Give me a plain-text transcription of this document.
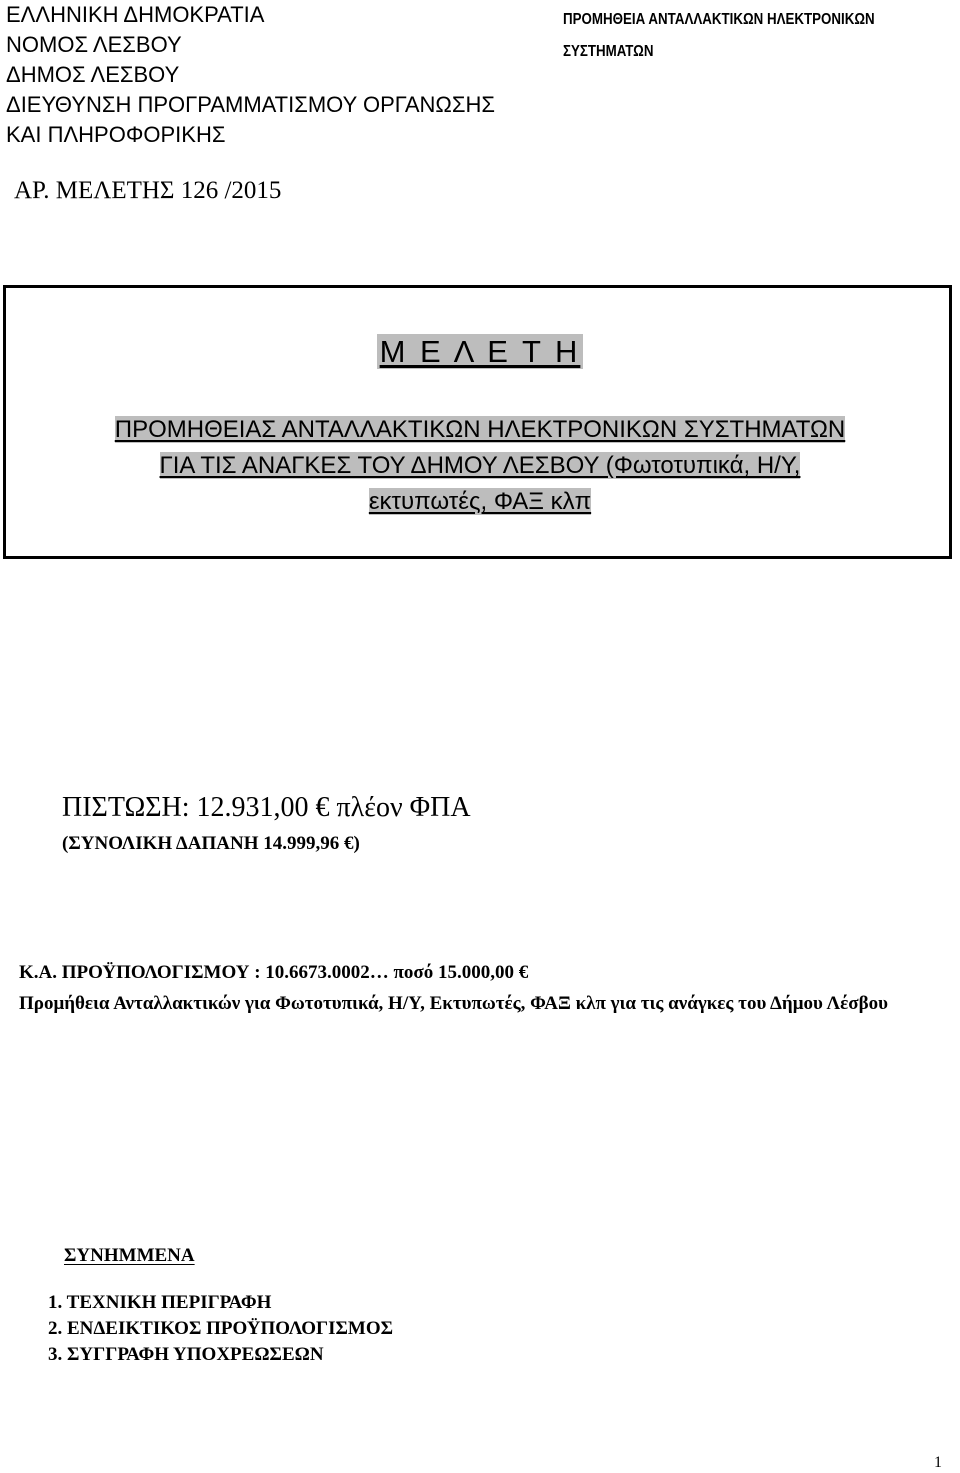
ΕΛΛΗΝΙΚΗ ΔΗΜΟΚΡΑΤΙΑ
ΝΟΜΟΣ ΛΕΣΒΟΥ
ΔΗΜΟΣ ΛΕΣΒΟΥ
ΔΙΕΥΘΥΝΣΗ ΠΡΟΓΡΑΜΜΑΤΙΣΜΟΥ ΟΡΓΑΝΩΣΗΣ
ΚΑΙ ΠΛΗΡΟΦΟΡΙΚΗΣ
ΠΡΟΜΗΘΕΙΑ ΑΝΤΑΛΛΑΚΤΙΚΩΝ ΗΛΕΚΤΡΟΝΙΚΩΝ
ΣΥΣΤΗΜΑΤΩΝ
ΑΡ. ΜΕΛΕΤΗΣ 126 /2015
Μ Ε Λ Ε Τ Η
ΠΡΟΜΗΘΕΙΑΣ ΑΝΤΑΛΛΑΚΤΙΚΩΝ ΗΛΕΚΤΡΟΝΙΚΩΝ ΣΥΣΤΗΜΑΤΩΝ
ΓΙΑ ΤΙΣ ΑΝΑΓΚΕΣ ΤΟΥ ΔΗΜΟΥ ΛΕΣΒΟΥ (Φωτοτυπικά, Η/Υ,
εκτυπωτές, ΦΑΞ κλπ
ΠΙΣΤΩΣΗ: 12.931,00 € πλέον ΦΠΑ
(ΣΥΝΟΛΙΚΗ ΔΑΠΑΝΗ 14.999,96 €)
Κ.Α. ΠΡΟΫΠΟΛΟΓΙΣΜΟΥ : 10.6673.0002… ποσό 15.000,00 €
Προμήθεια Ανταλλακτικών για Φωτοτυπικά, Η/Υ, Εκτυπωτές, ΦΑΞ κλπ για τις ανάγκες του Δήμου Λέσβου
ΣΥΝΗΜΜΕΝΑ
1. ΤΕΧΝΙΚΗ ΠΕΡΙΓΡΑΦΗ
2. ΕΝΔΕΙΚΤΙΚΟΣ ΠΡΟΫΠΟΛΟΓΙΣΜΟΣ
3. ΣΥΓΓΡΑΦΗ ΥΠΟΧΡΕΩΣΕΩΝ
1
